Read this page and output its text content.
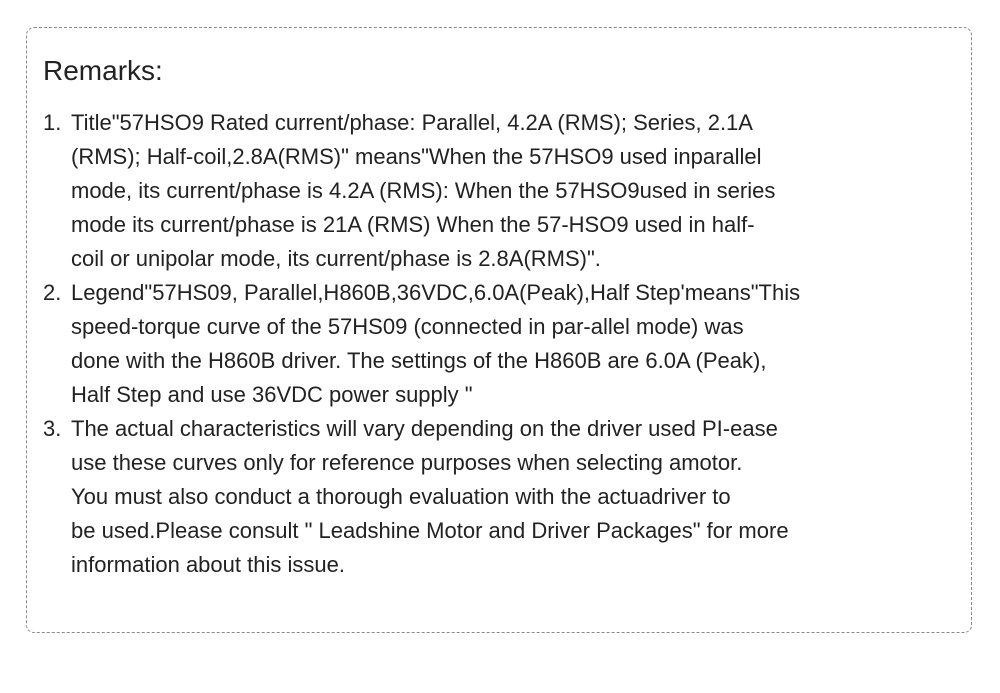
Remarks:
1. Title"57HSO9 Rated current/phase: Parallel, 4.2A (RMS); Series, 2.1A
(RMS); Half-coil,2.8A(RMS)" means"When the 57HSO9 used inparallel
mode, its current/phase is 4.2A (RMS): When the 57HSO9used in series
mode its current/phase is 21A (RMS) When the 57-HSO9 used in half-
coil or unipolar mode, its current/phase is 2.8A(RMS)".
2. Legend"57HS09, Parallel,H860B,36VDC,6.0A(Peak),Half Step'means"This
speed-torque curve of the 57HS09 (connected in par-allel mode) was
done with the H860B driver. The settings of the H860B are 6.0A (Peak),
Half Step and use 36VDC power supply "
3. The actual characteristics will vary depending on the driver used PI-ease
use these curves only for reference purposes when selecting amotor.
You must also conduct a thorough evaluation with the actuadriver to
be used.Please consult " Leadshine Motor and Driver Packages" for more
information about this issue.
